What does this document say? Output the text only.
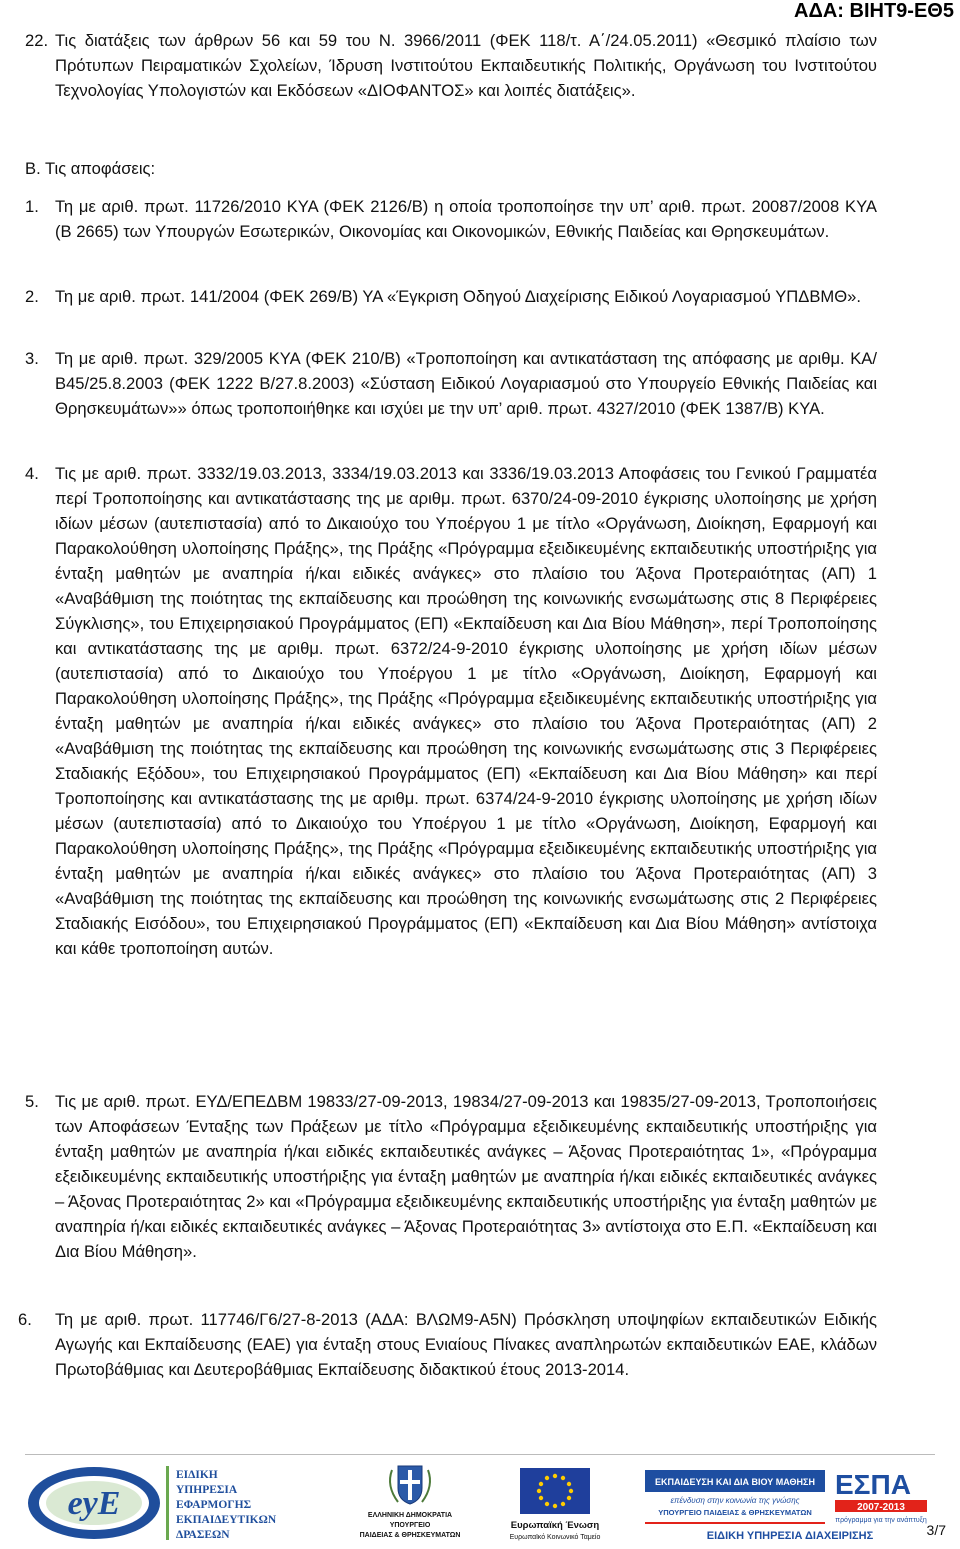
ΑΔΑ: ΒΙΗΤ9-ΕΘ5
22. Τις διατάξεις των άρθρων 56 και 59 του Ν. 3966/2011 (ΦΕΚ 118/τ. Α΄/24.05.2011) «Θεσμικό πλαίσιο των Πρότυπων Πειραματικών Σχολείων, Ίδρυση Ινστιτούτου Εκπαιδευτικής Πολιτικής, Οργάνωση του Ινστιτούτου Τεχνολογίας Υπολογιστών και Εκδόσεων «ΔΙΟΦΑΝΤΟΣ» και λοιπές διατάξεις».

Β. Τις αποφάσεις:
1. Τη με αριθ. πρωτ. 11726/2010 ΚΥΑ (ΦΕΚ 2126/Β) η οποία τροποποίησε την υπ’ αριθ. πρωτ. 20087/2008 ΚΥΑ (Β 2665) των Υπουργών Εσωτερικών, Οικονομίας και Οικονομικών, Εθνικής Παιδείας και Θρησκευμάτων.

2. Τη με αριθ. πρωτ. 141/2004 (ΦΕΚ 269/Β) ΥΑ «Έγκριση Οδηγού Διαχείρισης Ειδικού Λογαριασμού ΥΠΔΒΜΘ».

3. Τη με αριθ. πρωτ. 329/2005 ΚΥΑ (ΦΕΚ 210/Β) «Τροποποίηση και αντικατάσταση της απόφασης με αριθμ. ΚΑ/Β45/25.8.2003 (ΦΕΚ 1222 Β/27.8.2003) «Σύσταση Ειδικού Λογαριασμού στο Υπουργείο Εθνικής Παιδείας και Θρησκευμάτων»» όπως τροποποιήθηκε και ισχύει με την υπ’ αριθ. πρωτ. 4327/2010 (ΦΕΚ 1387/Β) ΚΥΑ.

4. Τις με αριθ. πρωτ. 3332/19.03.2013, 3334/19.03.2013 και 3336/19.03.2013 Αποφάσεις του Γενικού Γραμματέα περί Τροποποίησης και αντικατάστασης της με αριθμ. πρωτ. 6370/24-09-2010 έγκρισης υλοποίησης με χρήση ιδίων μέσων (αυτεπιστασία) από το Δικαιούχο του Υποέργου 1 με τίτλο «Οργάνωση, Διοίκηση, Εφαρμογή και Παρακολούθηση υλοποίησης Πράξης», της Πράξης «Πρόγραμμα εξειδικευμένης εκπαιδευτικής υποστήριξης για ένταξη μαθητών με αναπηρία ή/και ειδικές ανάγκες» στο πλαίσιο του Άξονα Προτεραιότητας (ΑΠ) 1 «Αναβάθμιση της ποιότητας της εκπαίδευσης και προώθηση της κοινωνικής ενσωμάτωσης στις 8 Περιφέρειες Σύγκλισης», του Επιχειρησιακού Προγράμματος (ΕΠ) «Εκπαίδευση και Δια Βίου Μάθηση», περί Τροποποίησης και αντικατάστασης της με αριθμ. πρωτ. 6372/24-9-2010 έγκρισης υλοποίησης με χρήση ιδίων μέσων (αυτεπιστασία) από το Δικαιούχο του Υποέργου 1 με τίτλο «Οργάνωση, Διοίκηση, Εφαρμογή και Παρακολούθηση υλοποίησης Πράξης», της Πράξης «Πρόγραμμα εξειδικευμένης εκπαιδευτικής υποστήριξης για ένταξη μαθητών με αναπηρία ή/και ειδικές ανάγκες» στο πλαίσιο του Άξονα Προτεραιότητας (ΑΠ) 2 «Αναβάθμιση της ποιότητας της εκπαίδευσης και προώθηση της κοινωνικής ενσωμάτωσης στις 3 Περιφέρειες Σταδιακής Εξόδου», του Επιχειρησιακού Προγράμματος (ΕΠ) «Εκπαίδευση και Δια Βίου Μάθηση» και περί Τροποποίησης και αντικατάστασης της με αριθμ. πρωτ. 6374/24-9-2010 έγκρισης υλοποίησης με χρήση ιδίων μέσων (αυτεπιστασία) από το Δικαιούχο του Υποέργου 1 με τίτλο «Οργάνωση, Διοίκηση, Εφαρμογή και Παρακολούθηση υλοποίησης Πράξης», της Πράξης «Πρόγραμμα εξειδικευμένης εκπαιδευτικής υποστήριξης για ένταξη μαθητών με αναπηρία ή/και ειδικές ανάγκες» στο πλαίσιο του Άξονα Προτεραιότητας (ΑΠ) 3 «Αναβάθμιση της ποιότητας της εκπαίδευσης και προώθηση της κοινωνικής ενσωμάτωσης στις 2 Περιφέρειες Σταδιακής Εισόδου», του Επιχειρησιακού Προγράμματος (ΕΠ) «Εκπαίδευση και Δια Βίου Μάθηση» αντίστοιχα και κάθε τροποποίηση αυτών.

5. Τις με αριθ. πρωτ. ΕΥΔ/ΕΠΕΔΒΜ 19833/27-09-2013, 19834/27-09-2013 και 19835/27-09-2013, Τροποποιήσεις των Αποφάσεων Ένταξης των Πράξεων με τίτλο «Πρόγραμμα εξειδικευμένης εκπαιδευτικής υποστήριξης για ένταξη μαθητών με αναπηρία ή/και ειδικές εκπαιδευτικές ανάγκες – Άξονας Προτεραιότητας 1», «Πρόγραμμα εξειδικευμένης εκπαιδευτικής υποστήριξης για ένταξη μαθητών με αναπηρία ή/και ειδικές εκπαιδευτικές ανάγκες – Άξονας Προτεραιότητας 2» και «Πρόγραμμα εξειδικευμένης εκπαιδευτικής υποστήριξης για ένταξη μαθητών με αναπηρία ή/και ειδικές εκπαιδευτικές ανάγκες – Άξονας Προτεραιότητας 3» αντίστοιχα στο Ε.Π. «Εκπαίδευση και Δια Βίου Μάθηση».

6. Τη με αριθ. πρωτ. 117746/Γ6/27-8-2013 (ΑΔΑ: ΒΛΩΜ9-Α5Ν) Πρόσκληση υποψηφίων εκπαιδευτικών Ειδικής Αγωγής και Εκπαίδευσης (ΕΑΕ) για ένταξη στους Ενιαίους Πίνακες αναπληρωτών εκπαιδευτικών ΕΑΕ, κλάδων Πρωτοβάθμιας και Δευτεροβάθμιας Εκπαίδευσης διδακτικού έτους 2013-2014.

eyE
ΕΙΔΙΚΗ
ΥΠΗΡΕΣΙΑ
ΕΦΑΡΜΟΓΗΣ
ΕΚΠΑΙΔΕΥΤΙΚΩΝ
ΔΡΑΣΕΩΝ
ΕΛΛΗΝΙΚΗ ΔΗΜΟΚΡΑΤΙΑ
ΥΠΟΥΡΓΕΙΟ
ΠΑΙΔΕΙΑΣ & ΘΡΗΣΚΕΥΜΑΤΩΝ
Ευρωπαϊκή Ένωση
Ευρωπαϊκό Κοινωνικό Ταμείο
ΕΚΠΑΙΔΕΥΣΗ ΚΑΙ ΔΙΑ ΒΙΟΥ ΜΑΘΗΣΗ
επένδυση στην κοινωνία της γνώσης
ΥΠΟΥΡΓΕΙΟ ΠΑΙΔΕΙΑΣ & ΘΡΗΣΚΕΥΜΑΤΩΝ
ΕΣΠΑ
2007-2013
πρόγραμμα για την ανάπτυξη
ΕΙΔΙΚΗ ΥΠΗΡΕΣΙΑ ΔΙΑΧΕΙΡΙΣΗΣ	3/7
